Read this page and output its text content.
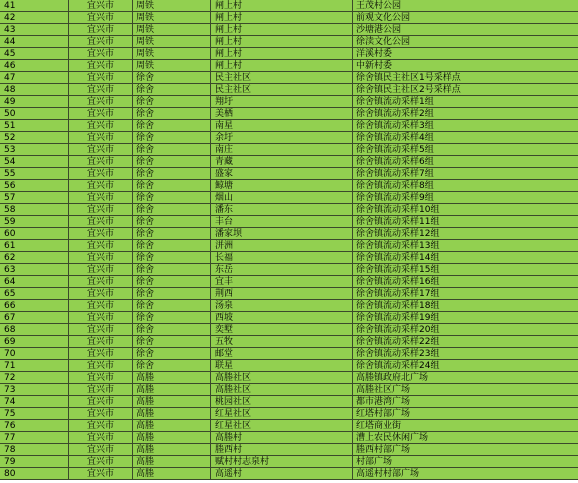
41	宜兴市	周铁	闸上村	王茂村公园
42	宜兴市	周铁	闸上村	前观文化公园
43	宜兴市	周铁	闸上村	沙塘港公园
44	宜兴市	周铁	闸上村	徐渎文化公园
45	宜兴市	周铁	闸上村	洋溪村委
46	宜兴市	周铁	闸上村	中新村委
47	宜兴市	徐舍	民主社区	徐舍镇民主社区1号采样点
48	宜兴市	徐舍	民主社区	徐舍镇民主社区2号采样点
49	宜兴市	徐舍	翔圩	徐舍镇流动采样1组
50	宜兴市	徐舍	美栖	徐舍镇流动采样2组
51	宜兴市	徐舍	南星	徐舍镇流动采样3组
52	宜兴市	徐舍	余圩	徐舍镇流动采样4组
53	宜兴市	徐舍	南庄	徐舍镇流动采样5组
54	宜兴市	徐舍	青藏	徐舍镇流动采样6组
55	宜兴市	徐舍	盛家	徐舍镇流动采样7组
56	宜兴市	徐舍	鲸塘	徐舍镇流动采样8组
57	宜兴市	徐舍	烟山	徐舍镇流动采样9组
58	宜兴市	徐舍	潘东	徐舍镇流动采样10组
59	宜兴市	徐舍	丰台	徐舍镇流动采样11组
60	宜兴市	徐舍	潘家坝	徐舍镇流动采样12组
61	宜兴市	徐舍	洴洲	徐舍镇流动采样13组
62	宜兴市	徐舍	长福	徐舍镇流动采样14组
63	宜兴市	徐舍	东岳	徐舍镇流动采样15组
64	宜兴市	徐舍	宜丰	徐舍镇流动采样16组
65	宜兴市	徐舍	荆西	徐舍镇流动采样17组
66	宜兴市	徐舍	汤泉	徐舍镇流动采样18组
67	宜兴市	徐舍	西坡	徐舍镇流动采样19组
68	宜兴市	徐舍	奕墅	徐舍镇流动采样20组
69	宜兴市	徐舍	五牧	徐舍镇流动采样22组
70	宜兴市	徐舍	邮堂	徐舍镇流动采样23组
71	宜兴市	徐舍	联星	徐舍镇流动采样24组
72	宜兴市	高塍	高塍社区	高塍镇政府北广场
73	宜兴市	高塍	高塍社区	高塍社区广场
74	宜兴市	高塍	桃园社区	都市港湾广场
75	宜兴市	高塍	红星社区	红塔村部广场
76	宜兴市	高塍	红星社区	红塔商业街
77	宜兴市	高塍	高塍村	漕上农民休闲广场
78	宜兴市	高塍	塍西村	塍西村部广场
79	宜兴市	高塍	赋村村志泉村	村部广场
80	宜兴市	高塍	高遥村	高遥村村部广场
